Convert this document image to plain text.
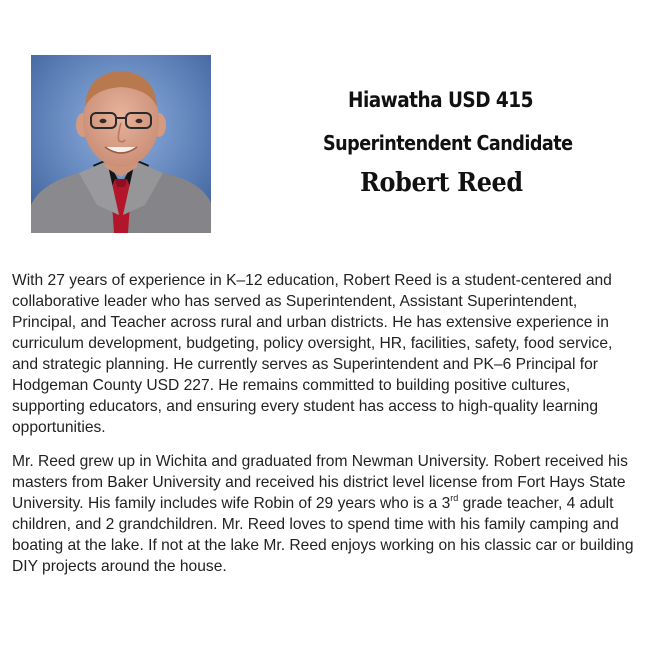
Hiawatha USD 415
Superintendent Candidate
Robert Reed

With 27 years of experience in K–12 education, Robert Reed is a student-centered and collaborative leader who has served as Superintendent, Assistant Superintendent, Principal, and Teacher across rural and urban districts. He has extensive experience in curriculum development, budgeting, policy oversight, HR, facilities, safety, food service, and strategic planning. He currently serves as Superintendent and PK–6 Principal for Hodgeman County USD 227. He remains committed to building positive cultures, supporting educators, and ensuring every student has access to high-quality learning opportunities.

Mr. Reed grew up in Wichita and graduated from Newman University. Robert received his masters from Baker University and received his district level license from Fort Hays State University. His family includes wife Robin of 29 years who is a 3rd grade teacher, 4 adult children, and 2 grandchildren. Mr. Reed loves to spend time with his family camping and boating at the lake. If not at the lake Mr. Reed enjoys working on his classic car or building DIY projects around the house.
